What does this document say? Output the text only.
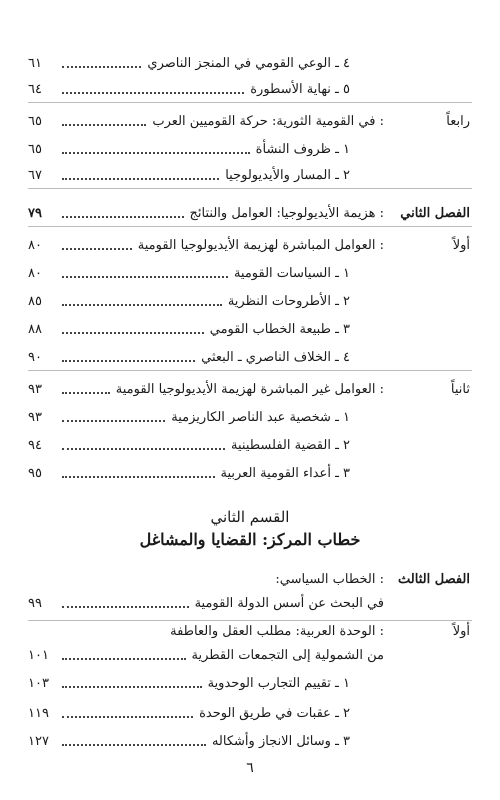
٤ ـ الوعي القومي في المنجز الناصري
٦١
٥ ـ نهاية الأسطورة
٦٤
رابعاً
: في القومية الثورية: حركة القوميين العرب
٦٥
١ ـ ظروف النشأة
٦٥
٢ ـ المسار والأيديولوجيا
٦٧
الفصل الثاني
: هزيمة الأيديولوجيا: العوامل والنتائج
٧٩
أولاً
: العوامل المباشرة لهزيمة الأيديولوجيا القومية
٨٠
١ ـ السياسات القومية
٨٠
٢ ـ الأطروحات النظرية
٨٥
٣ ـ طبيعة الخطاب القومي
٨٨
٤ ـ الخلاف الناصري ـ البعثي
٩٠
ثانياً
: العوامل غير المباشرة لهزيمة الأيديولوجيا القومية
٩٣
١ ـ شخصية عبد الناصر الكاريزمية
٩٣
٢ ـ القضية الفلسطينية
٩٤
٣ ـ أعداء القومية العربية
٩٥
القسم الثاني
خطاب المركز: القضايا والمشاغل
الفصل الثالث
: الخطاب السياسي:
في البحث عن أسس الدولة القومية
٩٩
أولاً
: الوحدة العربية: مطلب العقل والعاطفة
من الشمولية إلى التجمعات القطرية
١٠١
١ ـ تقييم التجارب الوحدوية
١٠٣
٢ ـ عقبات في طريق الوحدة
١١٩
٣ ـ وسائل الانجاز وأشكاله
١٢٧
٦
